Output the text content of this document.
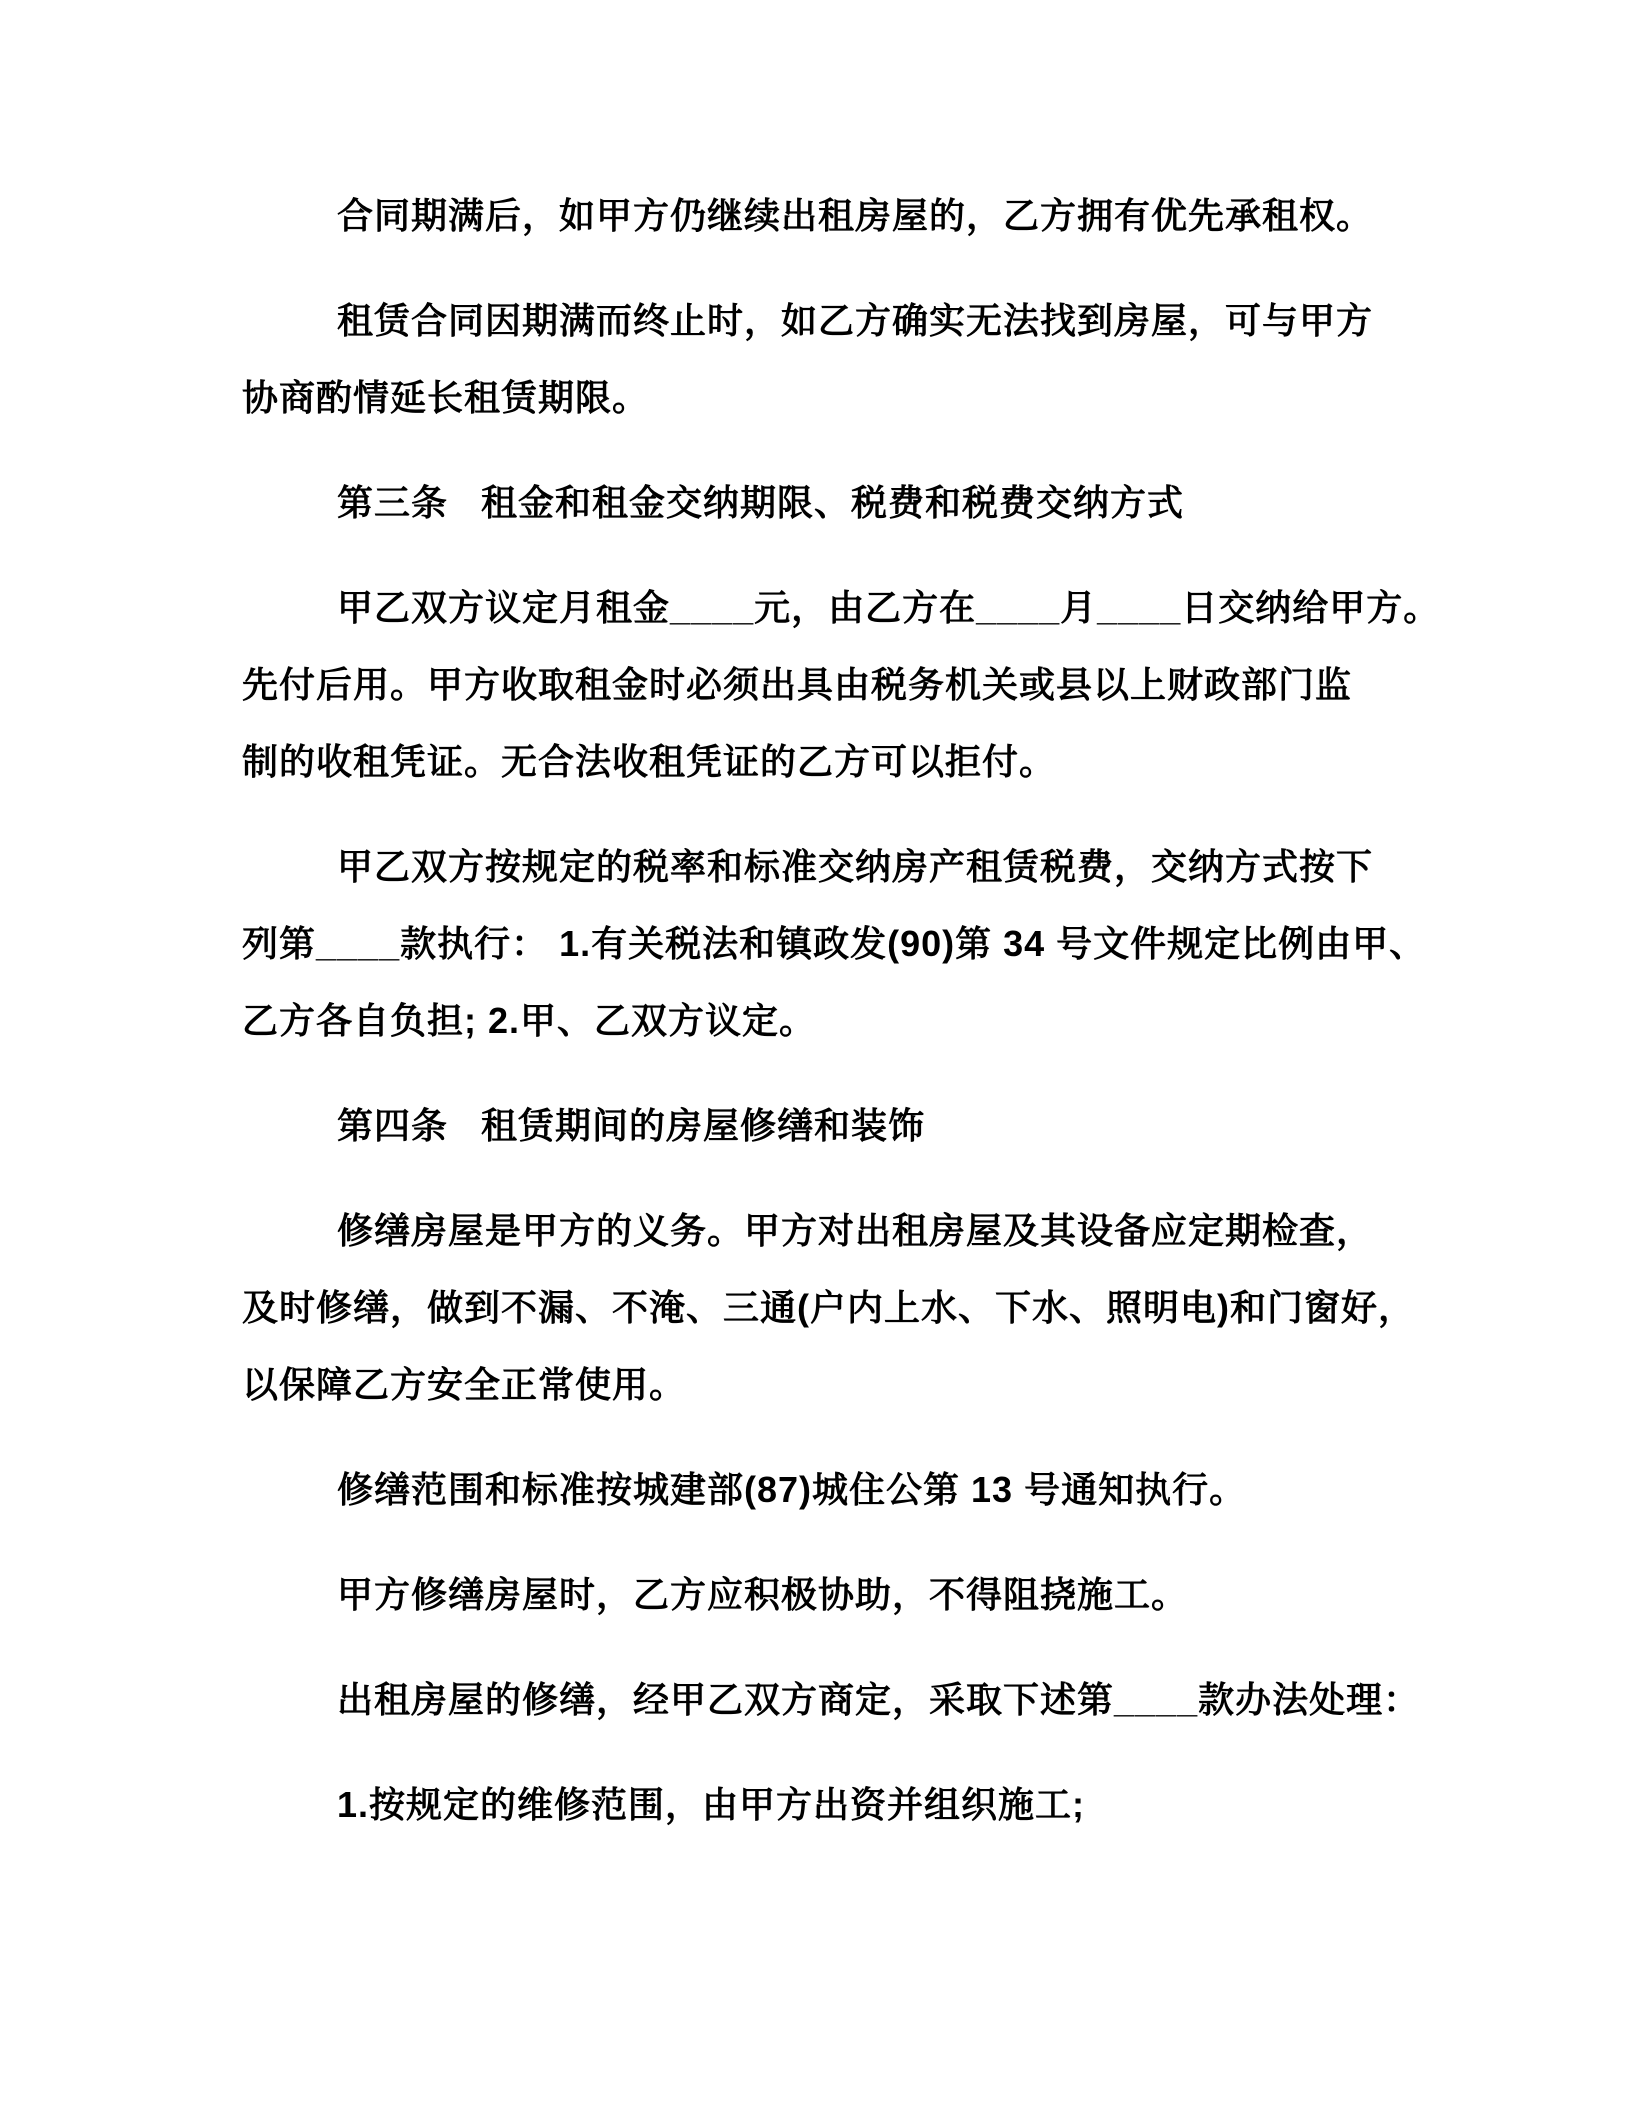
合同期满后，如甲方仍继续出租房屋的，乙方拥有优先承租权。
租赁合同因期满而终止时，如乙方确实无法找到房屋，可与甲方
协商酌情延长租赁期限。
第三条   租金和租金交纳期限、税费和税费交纳方式
甲乙双方议定月租金____元，由乙方在____月____日交纳给甲方。
先付后用。甲方收取租金时必须出具由税务机关或县以上财政部门监
制的收租凭证。无合法收租凭证的乙方可以拒付。
甲乙双方按规定的税率和标准交纳房产租赁税费，交纳方式按下
列第____款执行： 1.有关税法和镇政发(90)第 34 号文件规定比例由甲、
乙方各自负担; 2.甲、乙双方议定。
第四条   租赁期间的房屋修缮和装饰
修缮房屋是甲方的义务。甲方对出租房屋及其设备应定期检查，
及时修缮，做到不漏、不淹、三通(户内上水、下水、照明电)和门窗好，
以保障乙方安全正常使用。
修缮范围和标准按城建部(87)城住公第 13 号通知执行。
甲方修缮房屋时，乙方应积极协助，不得阻挠施工。
出租房屋的修缮，经甲乙双方商定，采取下述第____款办法处理：
1.按规定的维修范围，由甲方出资并组织施工;
